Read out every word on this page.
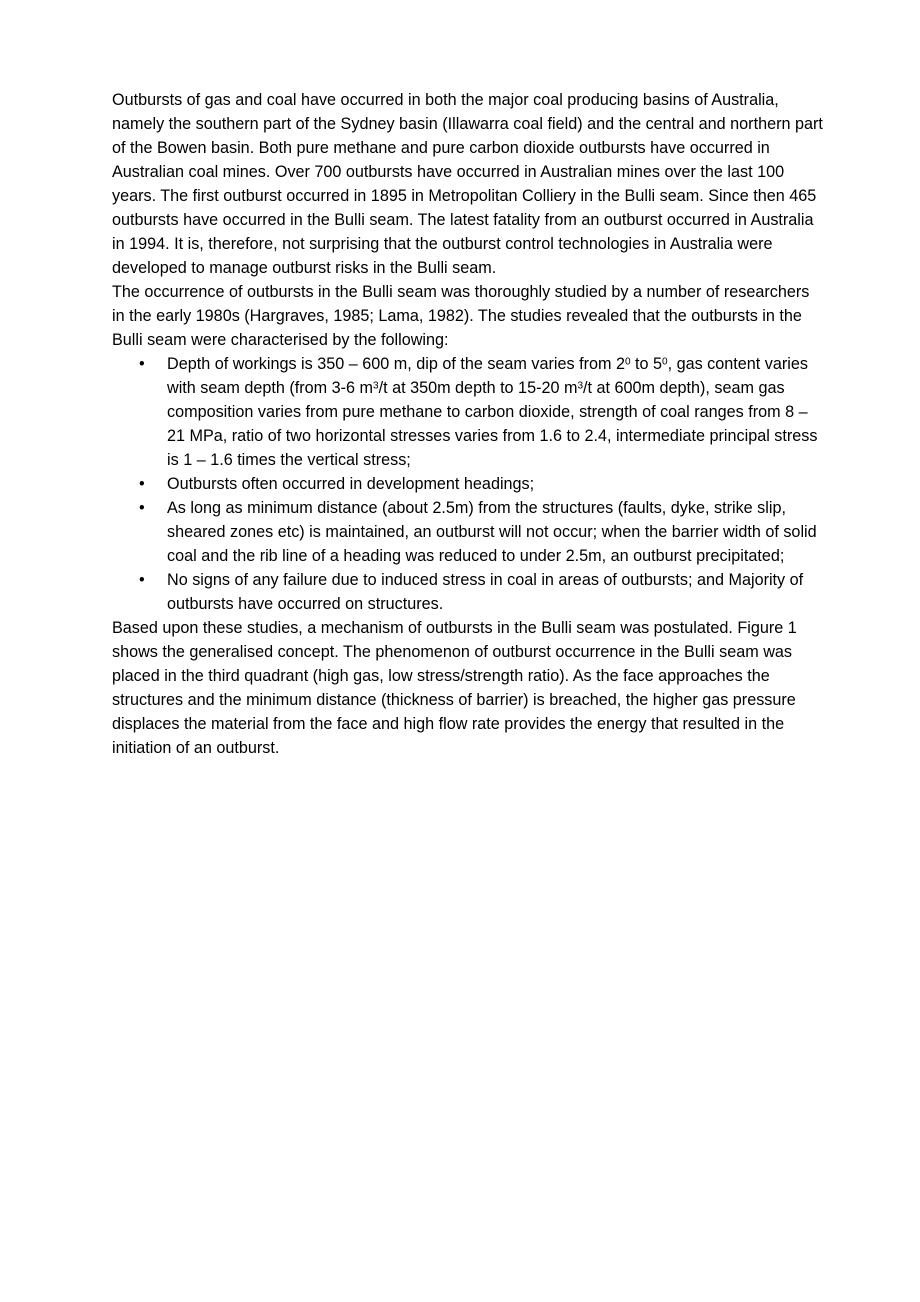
Outbursts of gas and coal have occurred in both the major coal producing basins of Australia, namely the southern part of the Sydney basin (Illawarra coal field) and the central and northern part of the Bowen basin. Both pure methane and pure carbon dioxide outbursts have occurred in Australian coal mines. Over 700 outbursts have occurred in Australian mines over the last 100 years. The first outburst occurred in 1895 in Metropolitan Colliery in the Bulli seam. Since then 465 outbursts have occurred in the Bulli seam. The latest fatality from an outburst occurred in Australia in 1994. It is, therefore, not surprising that the outburst control technologies in Australia were developed to manage outburst risks in the Bulli seam.

The occurrence of outbursts in the Bulli seam was thoroughly studied by a number of researchers in the early 1980s (Hargraves, 1985; Lama, 1982). The studies revealed that the outbursts in the Bulli seam were characterised by the following:

• Depth of workings is 350 – 600 m, dip of the seam varies from $2^0$ to $5^0$, gas content varies with seam depth (from 3-6 $m^3/t$ at 350m depth to 15-20 $m^3/t$ at 600m depth), seam gas composition varies from pure methane to carbon dioxide, strength of coal ranges from 8 – 21 MPa, ratio of two horizontal stresses varies from 1.6 to 2.4, intermediate principal stress is 1 – 1.6 times the vertical stress;
• Outbursts often occurred in development headings;
• As long as minimum distance (about 2.5m) from the structures (faults, dyke, strike slip, sheared zones etc) is maintained, an outburst will not occur; when the barrier width of solid coal and the rib line of a heading was reduced to under 2.5m, an outburst precipitated;
• No signs of any failure due to induced stress in coal in areas of outbursts; and Majority of outbursts have occurred on structures.

Based upon these studies, a mechanism of outbursts in the Bulli seam was postulated. Figure 1 shows the generalised concept. The phenomenon of outburst occurrence in the Bulli seam was placed in the third quadrant (high gas, low stress/strength ratio). As the face approaches the structures and the minimum distance (thickness of barrier) is breached, the higher gas pressure displaces the material from the face and high flow rate provides the energy that resulted in the initiation of an outburst.
